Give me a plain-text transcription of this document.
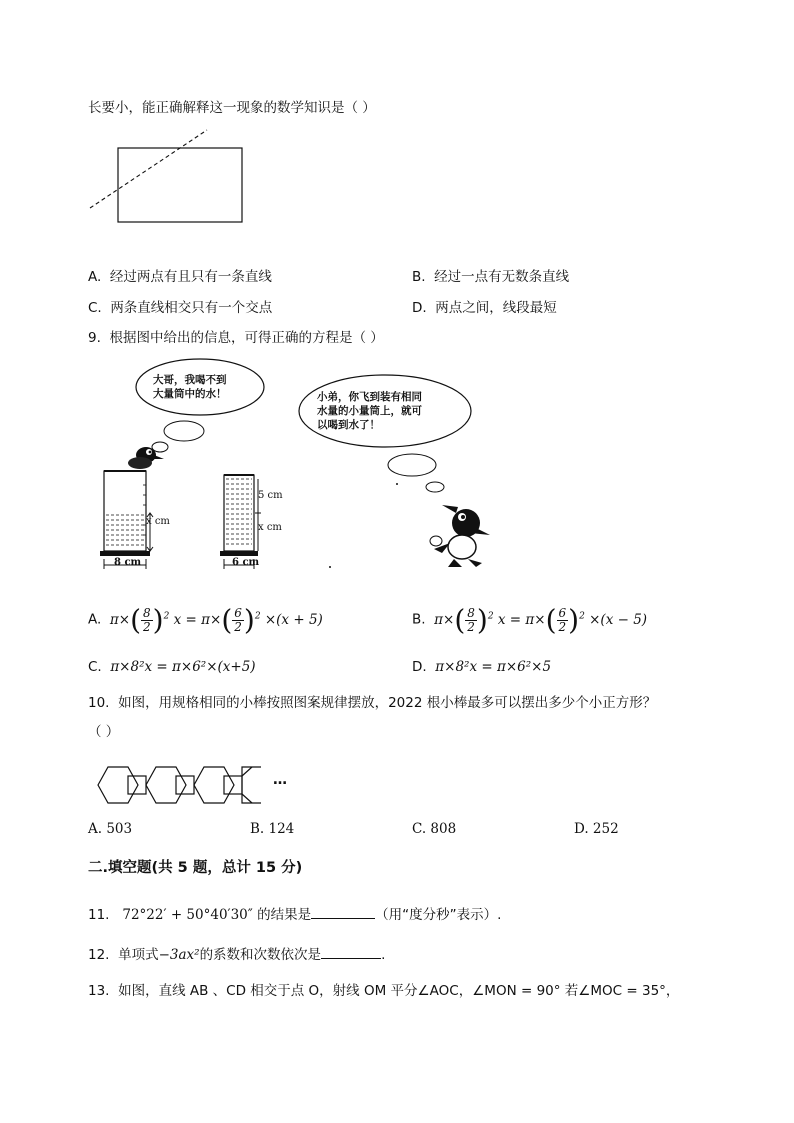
长要小，能正确解释这一现象的数学知识是（ ）
A. 经过两点有且只有一条直线	B. 经过一点有无数条直线
C. 两条直线相交只有一个交点	D. 两点之间，线段最短
9. 根据图中给出的信息，可得正确的方程是（ ）
大哥，我喝不到
大量筒中的水！	小弟，你飞到装有相同
水量的小量筒上，就可
以喝到水了！
x cm
8 cm
5 cm
x cm
6 cm
A. $\pi\times( \frac{8}{2} )^2$ $x = \pi\times( \frac{6}{2} )^2 \times(x + 5)$	B. $\pi\times( \frac{8}{2} )^2$ $x = \pi\times( \frac{6}{2} )^2 \times(x - 5)$
C. π×8²x = π×6²×(x+5)	D. π×8²x = π×6²×5
10. 如图，用规格相同的小棒按照图案规律摆放，2022 根小棒最多可以摆出多少个小正方形？
（ ）
…
A. 503	B. 124	C. 808	D. 252
二.填空题(共 5 题，总计 15 分)
11. 72°22′ + 50°40′30″ 的结果是	（用“度分秒”表示）.
12. 单项式−3ax²的系数和次数依次是	.
13. 如图，直线 AB 、CD 相交于点 O，射线 OM 平分∠AOC，∠MON = 90° 若∠MOC = 35°，
